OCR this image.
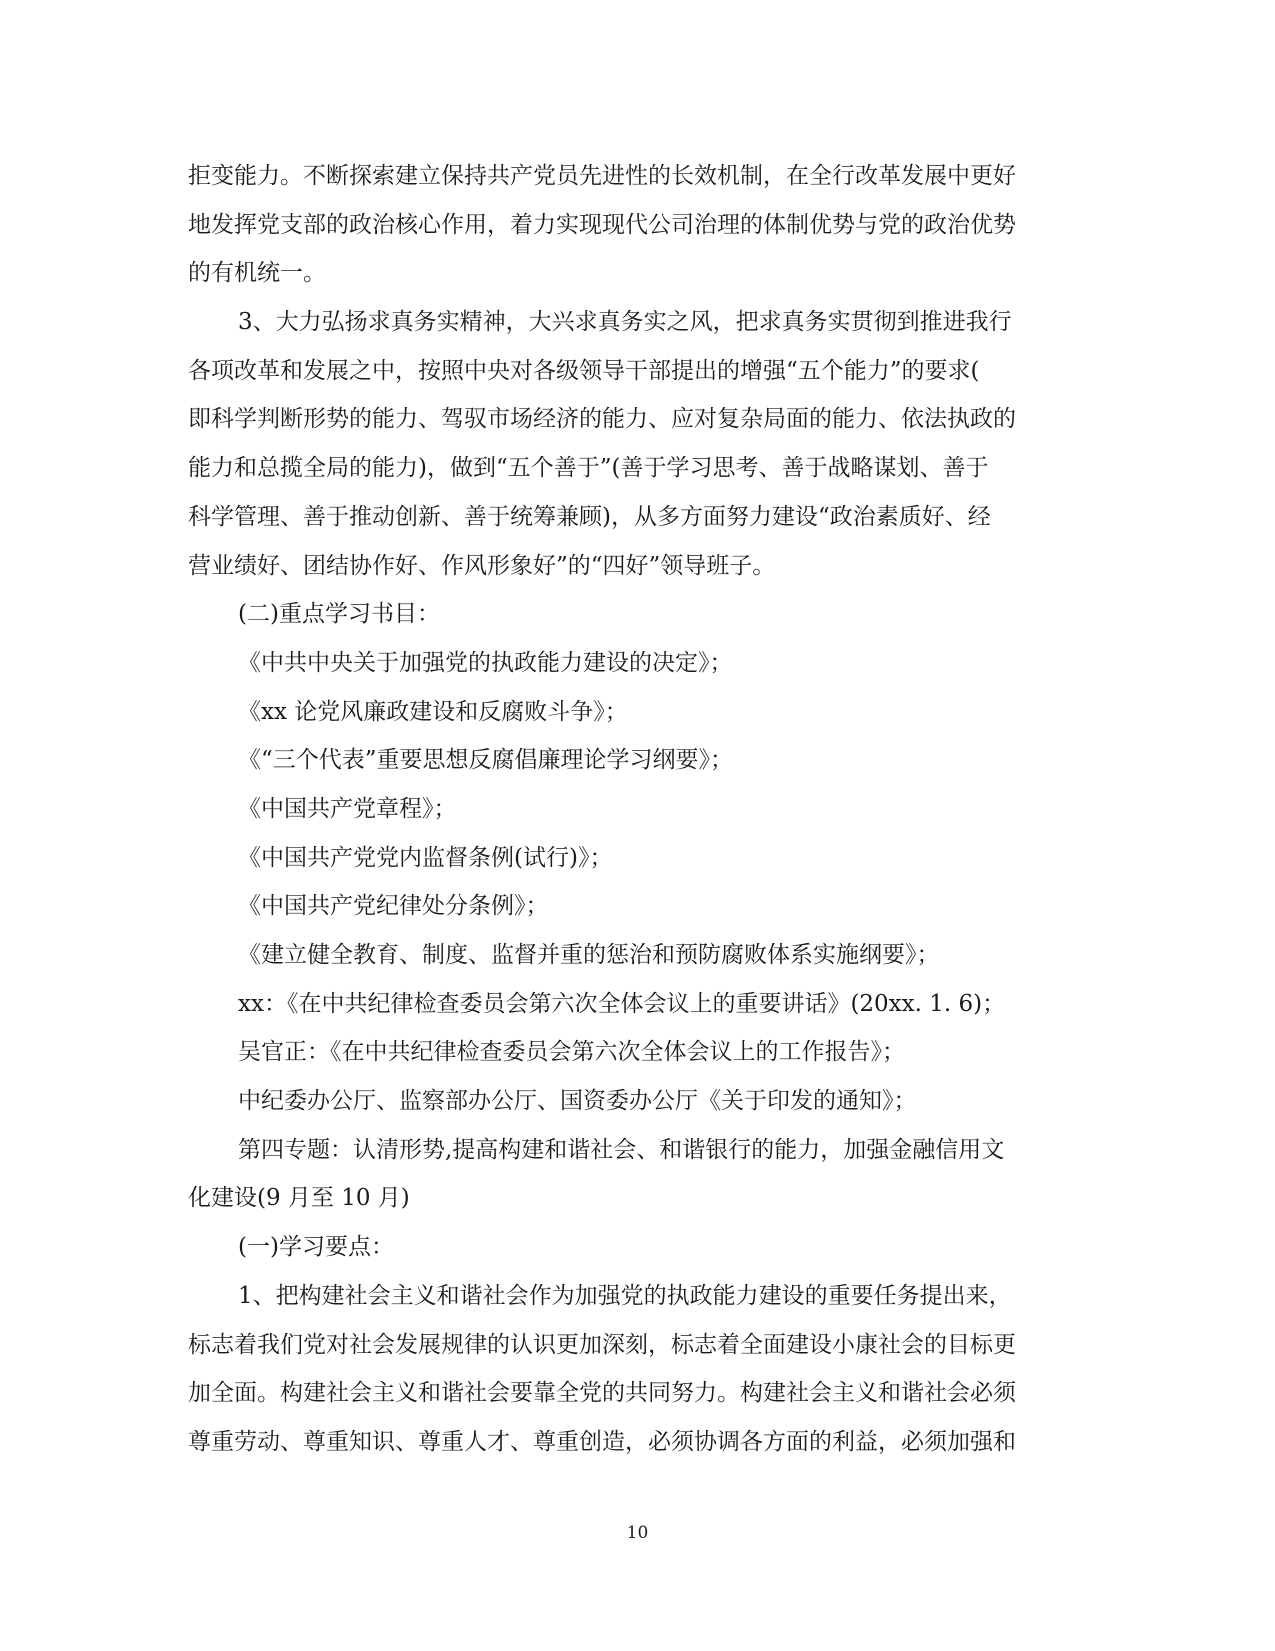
拒变能力。不断探索建立保持共产党员先进性的长效机制，在全行改革发展中更好
地发挥党支部的政治核心作用，着力实现现代公司治理的体制优势与党的政治优势
的有机统一。
3、大力弘扬求真务实精神，大兴求真务实之风，把求真务实贯彻到推进我行
各项改革和发展之中，按照中央对各级领导干部提出的增强“五个能力”的要求(
即科学判断形势的能力、驾驭市场经济的能力、应对复杂局面的能力、依法执政的
能力和总揽全局的能力)，做到“五个善于”(善于学习思考、善于战略谋划、善于
科学管理、善于推动创新、善于统筹兼顾)，从多方面努力建设“政治素质好、经
营业绩好、团结协作好、作风形象好”的“四好”领导班子。
(二)重点学习书目：
《中共中央关于加强党的执政能力建设的决定》；
《xx 论党风廉政建设和反腐败斗争》；
《“三个代表”重要思想反腐倡廉理论学习纲要》；
《中国共产党章程》；
《中国共产党党内监督条例(试行)》；
《中国共产党纪律处分条例》；
《建立健全教育、制度、监督并重的惩治和预防腐败体系实施纲要》；
xx：《在中共纪律检查委员会第六次全体会议上的重要讲话》(20xx. 1. 6)；
吴官正：《在中共纪律检查委员会第六次全体会议上的工作报告》；
中纪委办公厅、监察部办公厅、国资委办公厅《关于印发的通知》；
第四专题：认清形势,提高构建和谐社会、和谐银行的能力，加强金融信用文
化建设(9 月至 10 月)
(一)学习要点：
1、把构建社会主义和谐社会作为加强党的执政能力建设的重要任务提出来，
标志着我们党对社会发展规律的认识更加深刻，标志着全面建设小康社会的目标更
加全面。构建社会主义和谐社会要靠全党的共同努力。构建社会主义和谐社会必须
尊重劳动、尊重知识、尊重人才、尊重创造，必须协调各方面的利益，必须加强和
10
